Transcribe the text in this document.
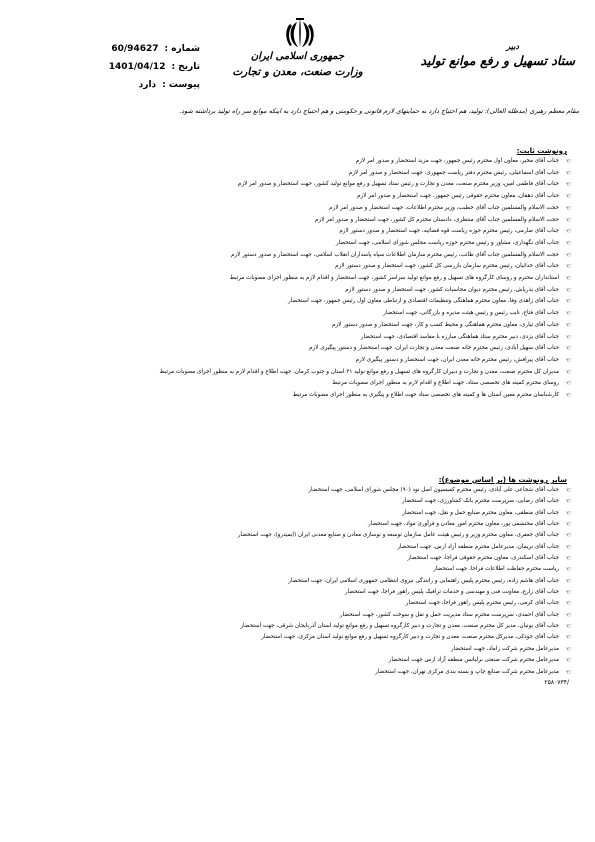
شماره :
60/94627
تاریخ :
1401/04/12
پیوست :
دارد
جمهوری اسلامی ایران
وزارت صنعت، معدن و تجارت
دبیر
ستاد تسهیل و رفع موانع تولید
مقام معظم رهبری (مدظله العالی): تولید، هم احتیاج دارد به حمایتهای لازم قانونی و حکومتی و هم احتیاج دارد به اینکه موانع سر راه تولید برداشته شود.
رونوشت ثابت:
☜
جناب آقای مخبر، معاون اول محترم رئیس جمهور، جهت مزید استحضار و صدور امر لازم
☜
جناب آقای اسماعیلی، رئیس محترم دفتر ریاست جمهوری، جهت استحضار و صدور امر لازم
☜
جناب آقای فاطمی امین، وزیر محترم صنعت، معدن و تجارت و رئیس ستاد تسهیل و رفع موانع تولید کشور، جهت استحضار و صدور امر لازم
☜
جناب آقای دهقان، معاون محترم حقوقی رئیس جمهور، جهت استحضار و صدور امر لازم
☜
حجت الاسلام والمسلمین جناب آقای خطیب، وزیر محترم اطلاعات، جهت استحضار و صدور امر لازم
☜
حجت الاسلام والمسلمین جناب آقای منتظری، دادستان محترم کل کشور، جهت استحضار و صدور امر لازم
☜
جناب آقای صارمی، رئیس محترم حوزه ریاست قوه قضائیه، جهت استحضار و صدور دستور لازم
☜
جناب آقای نگهداری، مشاور و رئیس محترم حوزه ریاست مجلس شورای اسلامی، جهت استحضار
☜
حجت الاسلام والمسلمین جناب آقای طائب، رئیس محترم سازمان اطلاعات سپاه پاسداران انقلاب اسلامی، جهت استحضار و صدور دستور لازم
☜
جناب آقای خدائیان، رئیس محترم سازمان بازرسی کل کشور، جهت استحضار و صدور دستور لازم
☜
استانداران محترم و روسای کارگروه های تسهیل و رفع موانع تولید سراسر کشور، جهت استحضار و اقدام لازم به منظور اجرای مصوبات مرتبط
☜
جناب آقای بذرپاش، رئیس محترم دیوان محاسبات کشور، جهت استحضار و صدور دستور لازم
☜
جناب آقای زاهدی وفا، معاون محترم هماهنگی وتنظیمات اقتصادی و ارتباطی معاون اول رئیس جمهور، جهت استحضار
☜
جناب آقای فتاح، نایب رئیس و رئیس هیئت مدیره و بازرگانی، جهت استحضار
☜
جناب آقای تیاری، معاون محترم هماهنگی و محیط کسب و کار، جهت استحضار و صدور دستور لازم
☜
جناب آقای یزدی، دبیر محترم ستاد هماهنگی مبارزه با مفاسد اقتصادی، جهت استحضار
☜
جناب آقای سهیل آبادی، رئیس محترم خانه صنعت معدن و تجارت ایران، جهت استحضار و دستور پیگیری لازم
☜
جناب آقای پیرافش، رئیس محترم خانه معدن ایران، جهت استحضار و دستور پیگیری لازم
☜
مدیران کل محترم صنعت، معدن و تجارت و دبیران کارگروه های تسهیل و رفع موانع تولید ۳۱ استان و جنوب کرمان، جهت اطلاع و اقدام لازم به منظور اجرای مصوبات مرتبط
☜
روسای محترم کمیته های تخصصی ستاد، جهت اطلاع و اقدام لازم به منظور اجرای مصوبات مرتبط
☜
کارشناسان محترم معین استان ها و کمیته های تخصصی ستاد جهت اطلاع و پیگیری به منظور اجرای مصوبات مرتبط
سایر رونوشت ها (بر اساس موضوع):
☜
جناب آقای شجاعی علی آبادی، رئیس محترم کمیسیون اصل نود (۹۰) مجلس شورای اسلامی، جهت استحضار
☜
جناب آقای رضایی، سرپرست محترم بانک کشاورزی، جهت استحضار
☜
جناب آقای منطقی، معاون محترم صنایع حمل و نقل، جهت استحضار
☜
جناب آقای محتشمی پور، معاون محترم امور معادن و فرآوری مواد، جهت استحضار
☜
جناب آقای جعفری، معاون محترم وزیر و رئیس هیئت عامل سازمان توسعه و نوسازی معادن و صنایع معدنی ایران (ایمیدرو)، جهت استحضار
☜
جناب آقای نریمان، مدیرعامل محترم منطقه آزاد ارس، جهت استحضار
☜
جناب آقای اسکندری، معاون محترم حقوقی فراجا، جهت استحضار
☜
ریاست محترم حفاظت اطلاعات فراجا، جهت استحضار
☜
جناب آقای هاشم زاده، رئیس محترم پلیس راهنمایی و رانندگی نیروی انتظامی جمهوری اسلامی ایران، جهت استحضار
☜
جناب آقای زارع، معاونت فنی و مهندسی و خدمات ترافیک پلیس راهور فراجا، جهت استحضار
☜
جناب آقای کرمی، رئیس محترم پلیس راهور فراجا، جهت استحضار
☜
جناب آقای احمدی، سرپرست محترم ستاد مدیریت حمل و نقل و سوخت کشور، جهت استحضار
☜
جناب آقای یونیان، مدیر کل محترم صنعت، معدن و تجارت و دبیر کارگروه تسهیل و رفع موانع تولید استان آذربایجان شرقی، جهت استحضار
☜
جناب آقای جودکی، مدیرکل محترم صنعت، معدن و تجارت و دبیر کارگروه تسهیل و رفع موانع تولید استان مرکزی، جهت استحضار
☜
مدیرعامل محترم شرکت زاماد، جهت استحضار
☜
مدیرعامل محترم شرکت صنعتی برلیانس منطقه آزاد ارس جهت استحضار
☜
مدیرعامل محترم شرکت صنایع چاپ و بسته بندی مرکزی تهران، جهت استحضار
/۲۵۸۰۷۳۴
